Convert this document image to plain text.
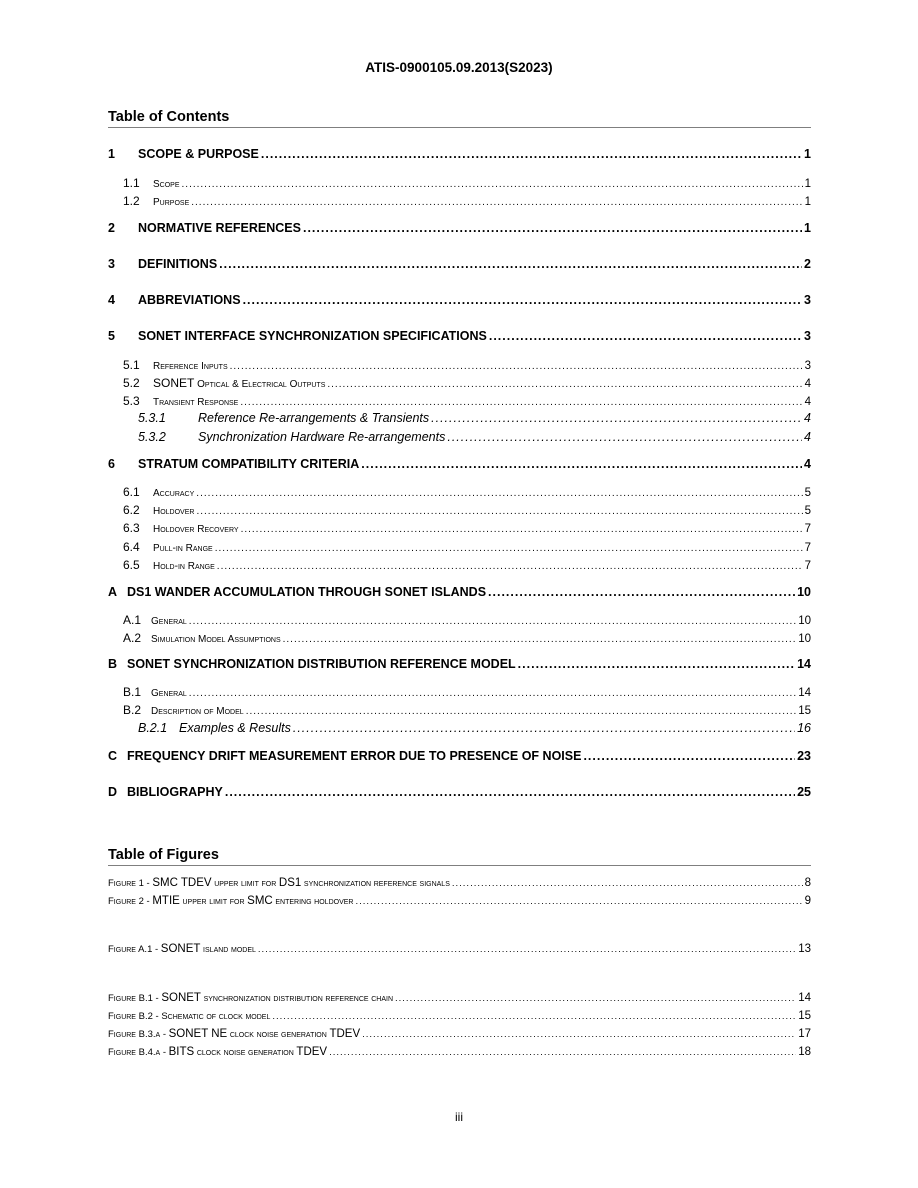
ATIS-0900105.09.2013(S2023)
Table of Contents
1	SCOPE & PURPOSE .....	1
1.1	Scope .....	1
1.2	Purpose .....	1
2	NORMATIVE REFERENCES .....	1
3	DEFINITIONS .....	2
4	ABBREVIATIONS .....	3
5	SONET INTERFACE SYNCHRONIZATION SPECIFICATIONS .....	3
5.1	Reference Inputs .....	3
5.2	SONET Optical & Electrical Outputs .....	4
5.3	Transient Response .....	4
5.3.1	Reference Re-arrangements & Transients .....	4
5.3.2	Synchronization Hardware Re-arrangements .....	4
6	STRATUM COMPATIBILITY CRITERIA .....	4
6.1	Accuracy .....	5
6.2	Holdover .....	5
6.3	Holdover Recovery .....	7
6.4	Pull-in Range .....	7
6.5	Hold-in Range .....	7
A DS1 WANDER ACCUMULATION THROUGH SONET ISLANDS .....	10
A.1 General .....	10
A.2 Simulation Model Assumptions .....	10
B SONET SYNCHRONIZATION DISTRIBUTION REFERENCE MODEL .....	14
B.1 General .....	14
B.2 Description of Model .....	15
B.2.1 Examples & Results .....	16
C FREQUENCY DRIFT MEASUREMENT ERROR DUE TO PRESENCE OF NOISE .....	23
D BIBLIOGRAPHY .....	25
Table of Figures
Figure 1 - SMC TDEV upper limit for DS1 synchronization reference signals .....	8
Figure 2 - MTIE upper limit for SMC entering holdover .....	9
Figure A.1 - SONET island model .....	13
Figure B.1 - SONET synchronization distribution reference chain .....	14
Figure B.2 - Schematic of clock model .....	15
Figure B.3.a - SONET NE clock noise generation TDEV .....	17
Figure B.4.a - BITS clock noise generation TDEV .....	18
iii
